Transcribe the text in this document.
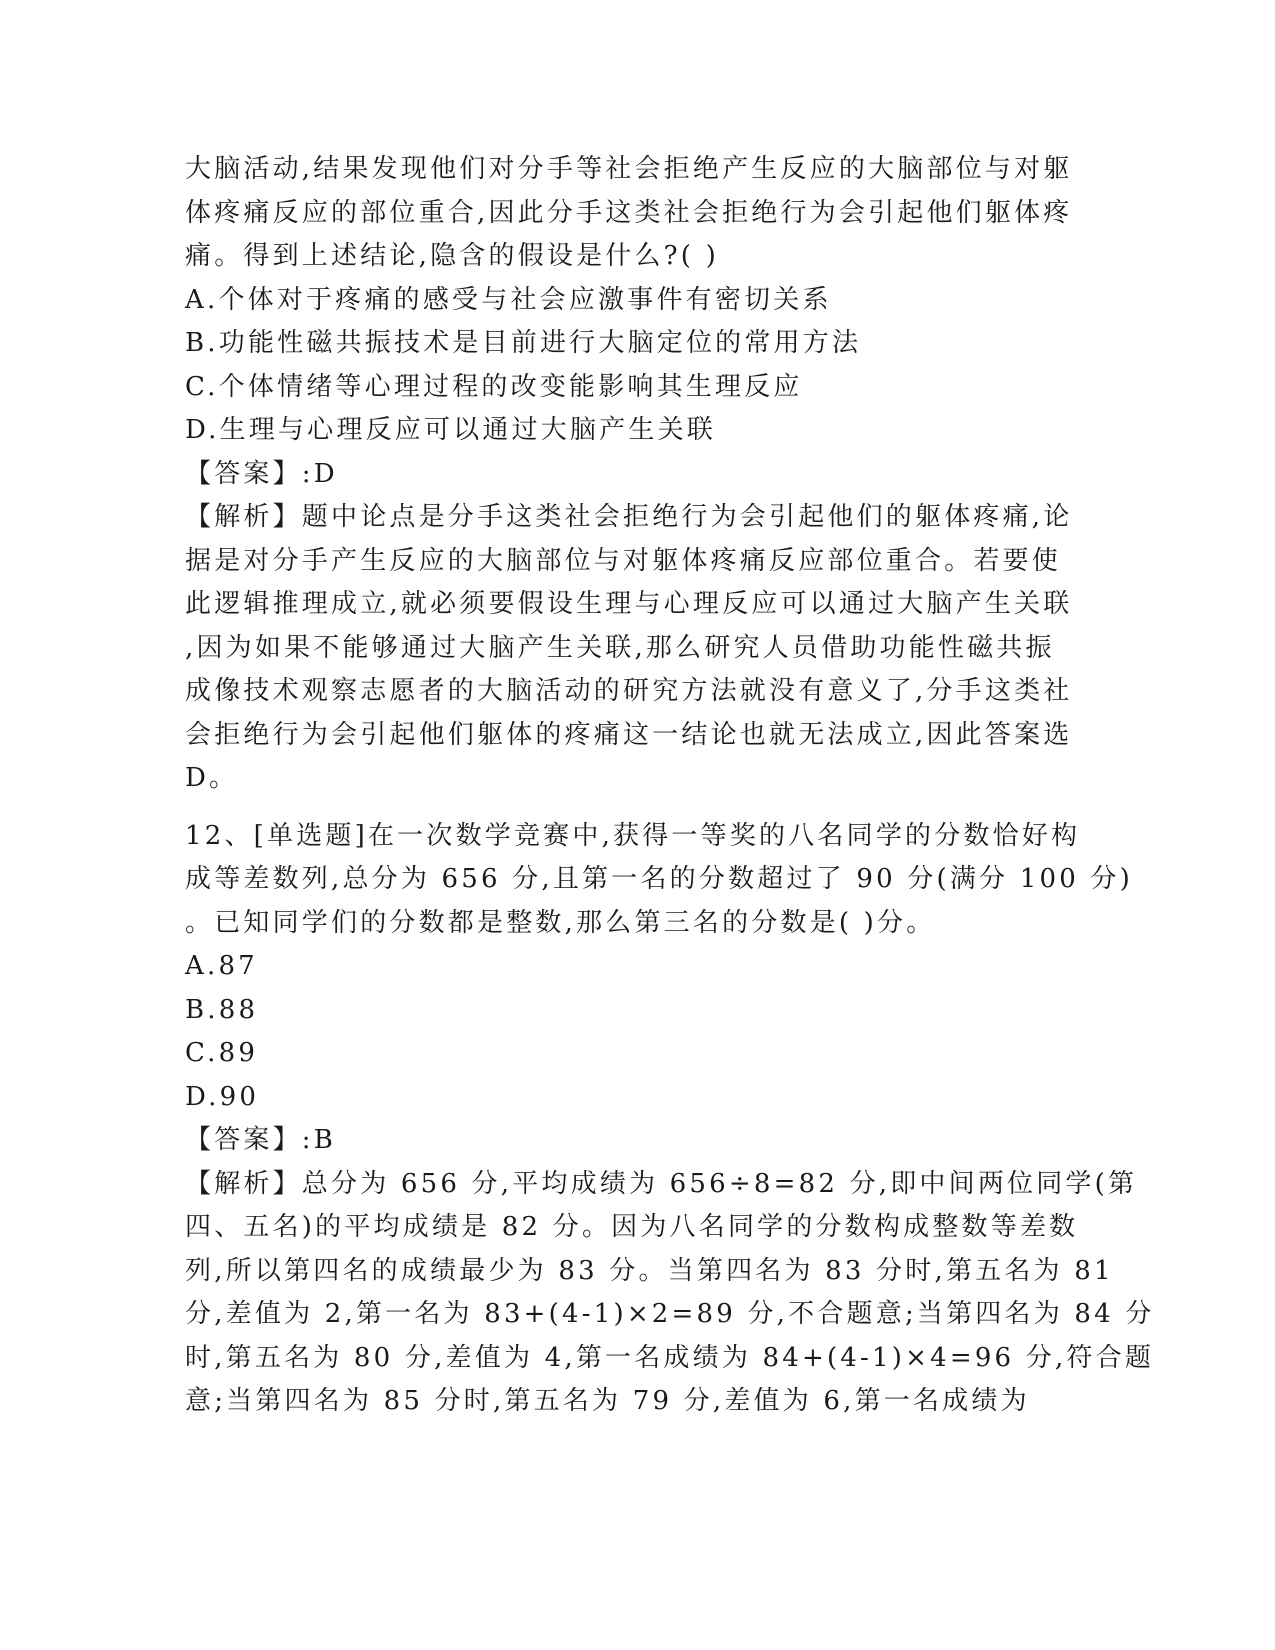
大脑活动,结果发现他们对分手等社会拒绝产生反应的大脑部位与对躯
体疼痛反应的部位重合,因此分手这类社会拒绝行为会引起他们躯体疼
痛。得到上述结论,隐含的假设是什么?( )
A.个体对于疼痛的感受与社会应激事件有密切关系
B.功能性磁共振技术是目前进行大脑定位的常用方法
C.个体情绪等心理过程的改变能影响其生理反应
D.生理与心理反应可以通过大脑产生关联
【答案】:D
【解析】题中论点是分手这类社会拒绝行为会引起他们的躯体疼痛,论
据是对分手产生反应的大脑部位与对躯体疼痛反应部位重合。若要使
此逻辑推理成立,就必须要假设生理与心理反应可以通过大脑产生关联
,因为如果不能够通过大脑产生关联,那么研究人员借助功能性磁共振
成像技术观察志愿者的大脑活动的研究方法就没有意义了,分手这类社
会拒绝行为会引起他们躯体的疼痛这一结论也就无法成立,因此答案选
D。
12、[单选题]在一次数学竞赛中,获得一等奖的八名同学的分数恰好构
成等差数列,总分为 656 分,且第一名的分数超过了 90 分(满分 100 分)
。已知同学们的分数都是整数,那么第三名的分数是( )分。
A.87
B.88
C.89
D.90
【答案】:B
【解析】总分为 656 分,平均成绩为 656÷8=82 分,即中间两位同学(第
四、五名)的平均成绩是 82 分。因为八名同学的分数构成整数等差数
列,所以第四名的成绩最少为 83 分。当第四名为 83 分时,第五名为 81
分,差值为 2,第一名为 83+(4-1)×2=89 分,不合题意;当第四名为 84 分
时,第五名为 80 分,差值为 4,第一名成绩为 84+(4-1)×4=96 分,符合题
意;当第四名为 85 分时,第五名为 79 分,差值为 6,第一名成绩为
